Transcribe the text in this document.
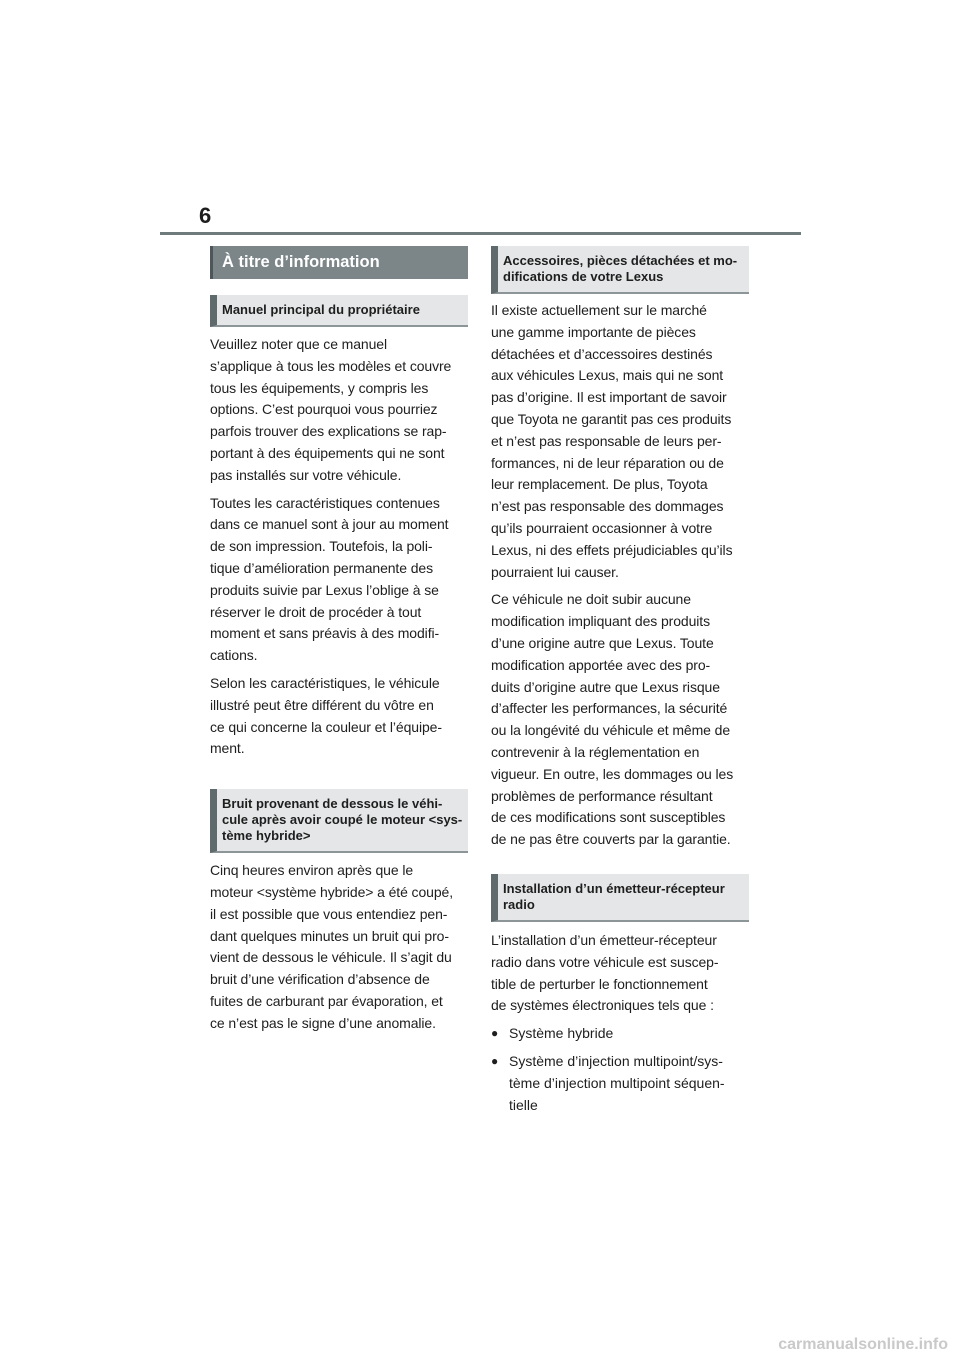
6
À titre d’information
Manuel principal du propriétaire

Veuillez noter que ce manuel
s’applique à tous les modèles et couvre
tous les équipements, y compris les
options. C’est pourquoi vous pourriez
parfois trouver des explications se rap-
portant à des équipements qui ne sont
pas installés sur votre véhicule.

Toutes les caractéristiques contenues
dans ce manuel sont à jour au moment
de son impression. Toutefois, la poli-
tique d’amélioration permanente des
produits suivie par Lexus l’oblige à se
réserver le droit de procéder à tout
moment et sans préavis à des modifi-
cations.

Selon les caractéristiques, le véhicule
illustré peut être différent du vôtre en
ce qui concerne la couleur et l’équipe-
ment.

Bruit provenant de dessous le véhi-
cule après avoir coupé le moteur <sys-
tème hybride>

Cinq heures environ après que le
moteur <système hybride> a été coupé,
il est possible que vous entendiez pen-
dant quelques minutes un bruit qui pro-
vient de dessous le véhicule. Il s’agit du
bruit d’une vérification d’absence de
fuites de carburant par évaporation, et
ce n’est pas le signe d’une anomalie.

Accessoires, pièces détachées et mo-
difications de votre Lexus

Il existe actuellement sur le marché
une gamme importante de pièces
détachées et d’accessoires destinés
aux véhicules Lexus, mais qui ne sont
pas d’origine. Il est important de savoir
que Toyota ne garantit pas ces produits
et n’est pas responsable de leurs per-
formances, ni de leur réparation ou de
leur remplacement. De plus, Toyota
n’est pas responsable des dommages
qu’ils pourraient occasionner à votre
Lexus, ni des effets préjudiciables qu’ils
pourraient lui causer.

Ce véhicule ne doit subir aucune
modification impliquant des produits
d’une origine autre que Lexus. Toute
modification apportée avec des pro-
duits d’origine autre que Lexus risque
d’affecter les performances, la sécurité
ou la longévité du véhicule et même de
contrevenir à la réglementation en
vigueur. En outre, les dommages ou les
problèmes de performance résultant
de ces modifications sont susceptibles
de ne pas être couverts par la garantie.

Installation d’un émetteur-récepteur
radio

L’installation d’un émetteur-récepteur
radio dans votre véhicule est suscep-
tible de perturber le fonctionnement
de systèmes électroniques tels que :

● Système hybride
● Système d’injection multipoint/sys-
tème d’injection multipoint séquen-
tielle
carmanualsonline.info
